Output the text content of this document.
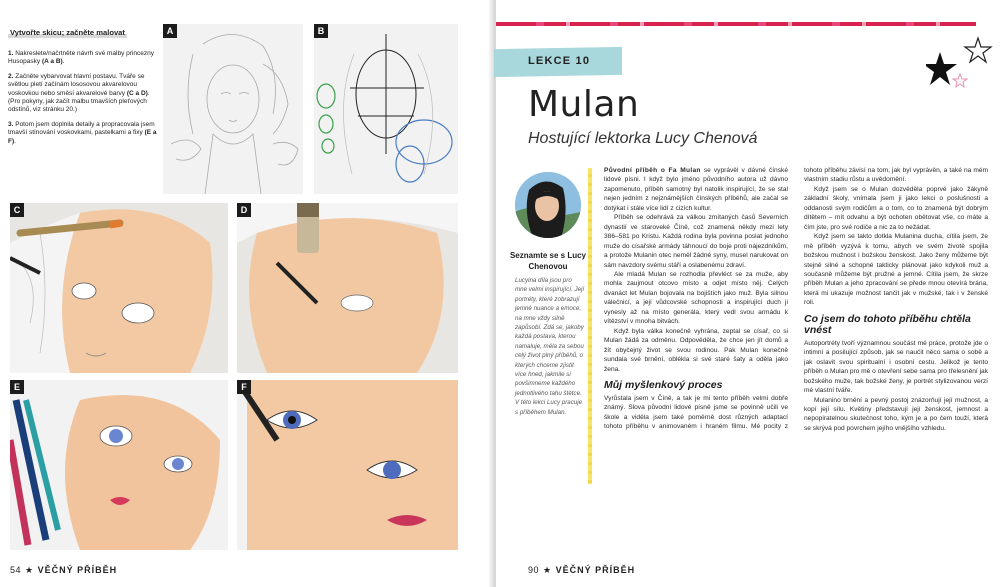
Vytvořte skicu; začněte malovat
1. Nakreslete/načrtněte návrh své malby princezny Husopasky (A a B).
2. Začněte vybarvovat hlavní postavu. Tváře se světlou pletí začínám lososovou akvarelovou voskovkou nebo směsí akvarelové barvy (C a D). (Pro pokyny, jak začít malbu tmavších pleťových odstínů, viz stránku 20.)
3. Potom jsem doplnila detaily a propracovala jsem tmavší stínování voskovkami, pastelkami a fixy (E a F).
A	B
C	D
E	F
54 ★ VĚČNÝ PŘÍBĚH
LEKCE 10
Mulan
Hostující lektorka Lucy Chenová
Seznamte se s Lucy Chenovou
Lucyina díla jsou pro mne velmi inspirující. Její portréty, které zobrazují jemné nuance a emoce, na mne vždy silně zapůsobí. Zdá se, jakoby každá postava, kterou namaluje, měla za sebou celý život plný příběhů, o kterých chceme zjistit více hned, jakmile si povšimneme každého jednotlivého tahu štětce. V této lekci Lucy pracuje s příběhem Mulan.

Původní příběh o Fa Mulan se vyprávěl v dávné čínské lidové písni. I když bylo jméno původního autora už dávno zapomenuto, příběh samotný byl natolik inspirující, že se stal nejen jedním z nejznámějších čínských příběhů, ale začal se dotýkat i stále více lidí z cizích kultur.

Příběh se odehrává za válkou zmítaných časů Severních dynastií ve staroveké Číně, což znamená někdy mezi lety 386–581 po Kristu. Každá rodina byla povinna poslat jednoho muže do císařské armády táhnoucí do boje proti nájezdníkům, a protože Mulanin otec neměl žádné syny, musel narukovat on sám navzdory svému stáří a oslabenému zdraví.

Ale mladá Mulan se rozhodla převléct se za muže, aby mohla zaujmout otcovo místo a odjet místo něj. Celých dvanáct let Mulan bojovala na bojištích jako muž. Byla silnou válečnicí, a její vůdcovské schopnosti a inspirující duch ji vynesly až na místo generála, který vedl svou armádu k vítězství v mnoha bitvách.

Když byla válka konečně vyhrána, zeptal se císař, co si Mulan žádá za odměnu. Odpověděla, že chce jen jít domů a žít obyčejný život se svou rodinou. Pak Mulan konečně sundala své brnění, oblékla si své staré šaty a oděla jako žena.

Můj myšlenkový proces

Vyrůstala jsem v Číně, a tak je mi tento příběh velmi dobře známý. Slova původní lidové písně jsme se povinně učili ve škole a viděla jsem také poměrně dost různých adaptací tohoto příběhu v animovaném i hraném filmu. Mé pocity z tohoto příběhu závisí na tom, jak byl vyprávěn, a také na mém vlastním stadiu růstu a uvědomění.

Když jsem se o Mulan dozvěděla poprvé jako žákyně základní školy, vnímala jsem ji jako lekci o poslušnosti a oddanosti svým rodičům a o tom, co to znamená být dobrým dítětem – mít odvahu a být ochoten obětovat vše, co máte a čím jste, pro své rodiče a nic za to nežádat.

Když jsem se takto dotkla Mulanina ducha, cítila jsem, že mě příběh vyzývá k tomu, abych ve svém životě spojila božskou mužnost i božskou ženskost. Jako ženy můžeme být stejně silné a schopné takticky plánovat jako kdykoli muž a současně můžeme být pružné a jemné. Cítila jsem, že skrze příběh Mulan a jeho zpracování se přede mnou otevírá brána, která mi ukazuje možnost tančit jak v mužské, tak i v ženské roli.

Co jsem do tohoto příběhu chtěla vnést

Autoportréty tvoří významnou součást mé práce, protože jde o intimní a posilující způsob, jak se naučit něco sama o sobě a jak oslavit svou spiritualní i osobní cestu. Jelikož je tento příběh o Mulan pro mě o otevření sebe sama pro třelesnění jak božského muže, tak božské ženy, je portrét stylizovanou verzí mé vlastní tváře.

Mulanino brnění a pevný postoj znázorňují její mužnost, a kopí její sílu. Květiny představují její ženskost, jemnost a nepopiratelnou skutečnost toho, kým je a po čem touží, která se skrývá pod povrchem jejího vnějšího vzhledu.

90 ★ VĚČNÝ PŘÍBĚH
